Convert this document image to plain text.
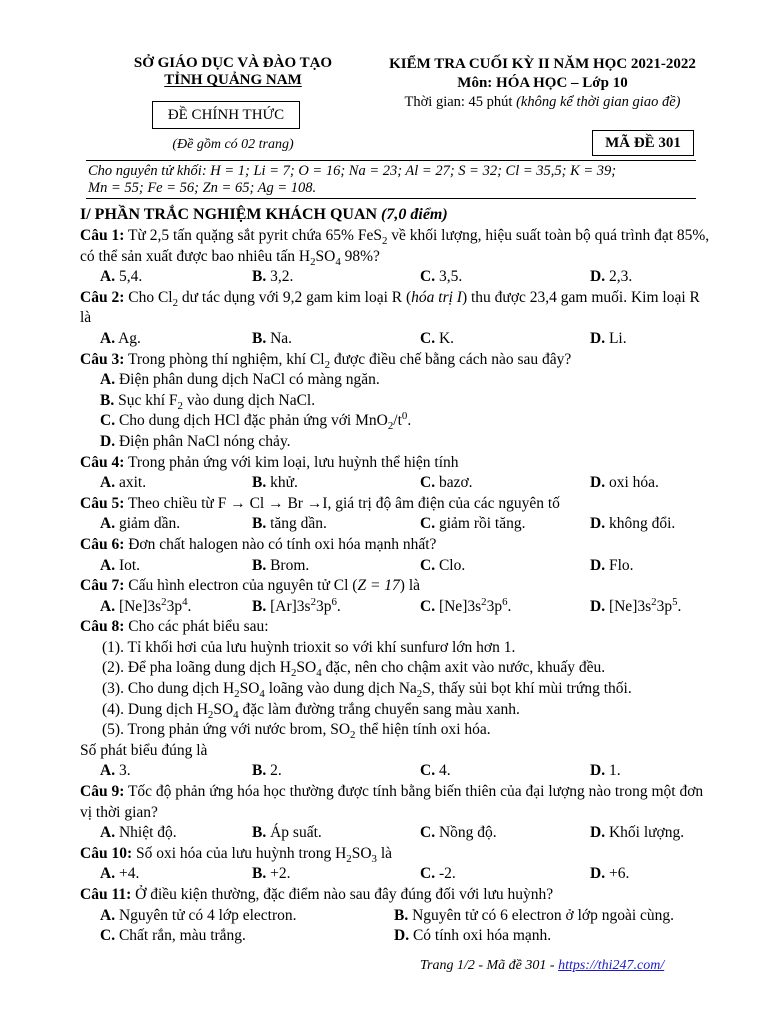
SỞ GIÁO DỤC VÀ ĐÀO TẠO
TỈNH QUẢNG NAM
ĐỀ CHÍNH THỨC
(Đề gồm có 02 trang)
KIỂM TRA CUỐI KỲ II NĂM HỌC 2021-2022
Môn: HÓA HỌC – Lớp 10
Thời gian: 45 phút (không kể thời gian giao đề)
MÃ ĐỀ 301
Cho nguyên tử khối: H = 1; Li = 7; O = 16; Na = 23; Al = 27; S = 32; Cl = 35,5; K = 39;
Mn = 55; Fe = 56; Zn = 65; Ag = 108.
I/ PHẦN TRẮC NGHIỆM KHÁCH QUAN (7,0 điểm)

Câu 1: Từ 2,5 tấn quặng sắt pyrit chứa 65% FeS$_2$ về khối lượng, hiệu suất toàn bộ quá trình đạt 85%, có thể sản xuất được bao nhiêu tấn $H_2SO_4$ 98%?

A. 5,4.	B. 3,2.	C. 3,5.	D. 2,3.

Câu 2: Cho $Cl_2$ dư tác dụng với 9,2 gam kim loại R (hóa trị I) thu được 23,4 gam muối. Kim loại R là

A. Ag.	B. Na.	C. K.	D. Li.

Câu 3: Trong phòng thí nghiệm, khí $Cl_2$ được điều chế bằng cách nào sau đây?

A. Điện phân dung dịch NaCl có màng ngăn.
B. Sục khí $F_2$ vào dung dịch NaCl.
C. Cho dung dịch HCl đặc phản ứng với $MnO_2/t^0$.
D. Điện phân NaCl nóng chảy.

Câu 4: Trong phản ứng với kim loại, lưu huỳnh thể hiện tính

A. axit.	B. khử.	C. bazơ.	D. oxi hóa.

Câu 5: Theo chiều từ F → Cl → Br →I, giá trị độ âm điện của các nguyên tố

A. giảm dần.	B. tăng dần.	C. giảm rồi tăng.	D. không đổi.

Câu 6: Đơn chất halogen nào có tính oxi hóa mạnh nhất?

A. Iot.	B. Brom.	C. Clo.	D. Flo.

Câu 7: Cấu hình electron của nguyên tử Cl (Z = 17) là

A. $[Ne]3s^23p^4$.	B. $[Ar]3s^23p^6$.	C. $[Ne]3s^23p^6$.	D. $[Ne]3s^23p^5$.

Câu 8: Cho các phát biểu sau:

(1). Tỉ khối hơi của lưu huỳnh trioxit so với khí sunfurơ lớn hơn 1.
(2). Để pha loãng dung dịch $H_2SO_4$ đặc, nên cho chậm axit vào nước, khuấy đều.
(3). Cho dung dịch $H_2SO_4$ loãng vào dung dịch $Na_2S$, thấy sủi bọt khí mùi trứng thối.
(4). Dung dịch $H_2SO_4$ đặc làm đường trắng chuyển sang màu xanh.
(5). Trong phản ứng với nước brom, $SO_2$ thể hiện tính oxi hóa.
Số phát biểu đúng là
A. 3.	B. 2.	C. 4.	D. 1.

Câu 9: Tốc độ phản ứng hóa học thường được tính bằng biến thiên của đại lượng nào trong một đơn vị thời gian?

A. Nhiệt độ.	B. Áp suất.	C. Nồng độ.	D. Khối lượng.

Câu 10: Số oxi hóa của lưu huỳnh trong $H_2SO_3$ là

A. +4.	B. +2.	C. -2.	D. +6.

Câu 11: Ở điều kiện thường, đặc điểm nào sau đây đúng đối với lưu huỳnh?

A. Nguyên tử có 4 lớp electron.	B. Nguyên tử có 6 electron ở lớp ngoài cùng.
C. Chất rắn, màu trắng.	D. Có tính oxi hóa mạnh.
Trang 1/2 - Mã đề 301 - https://thi247.com/
